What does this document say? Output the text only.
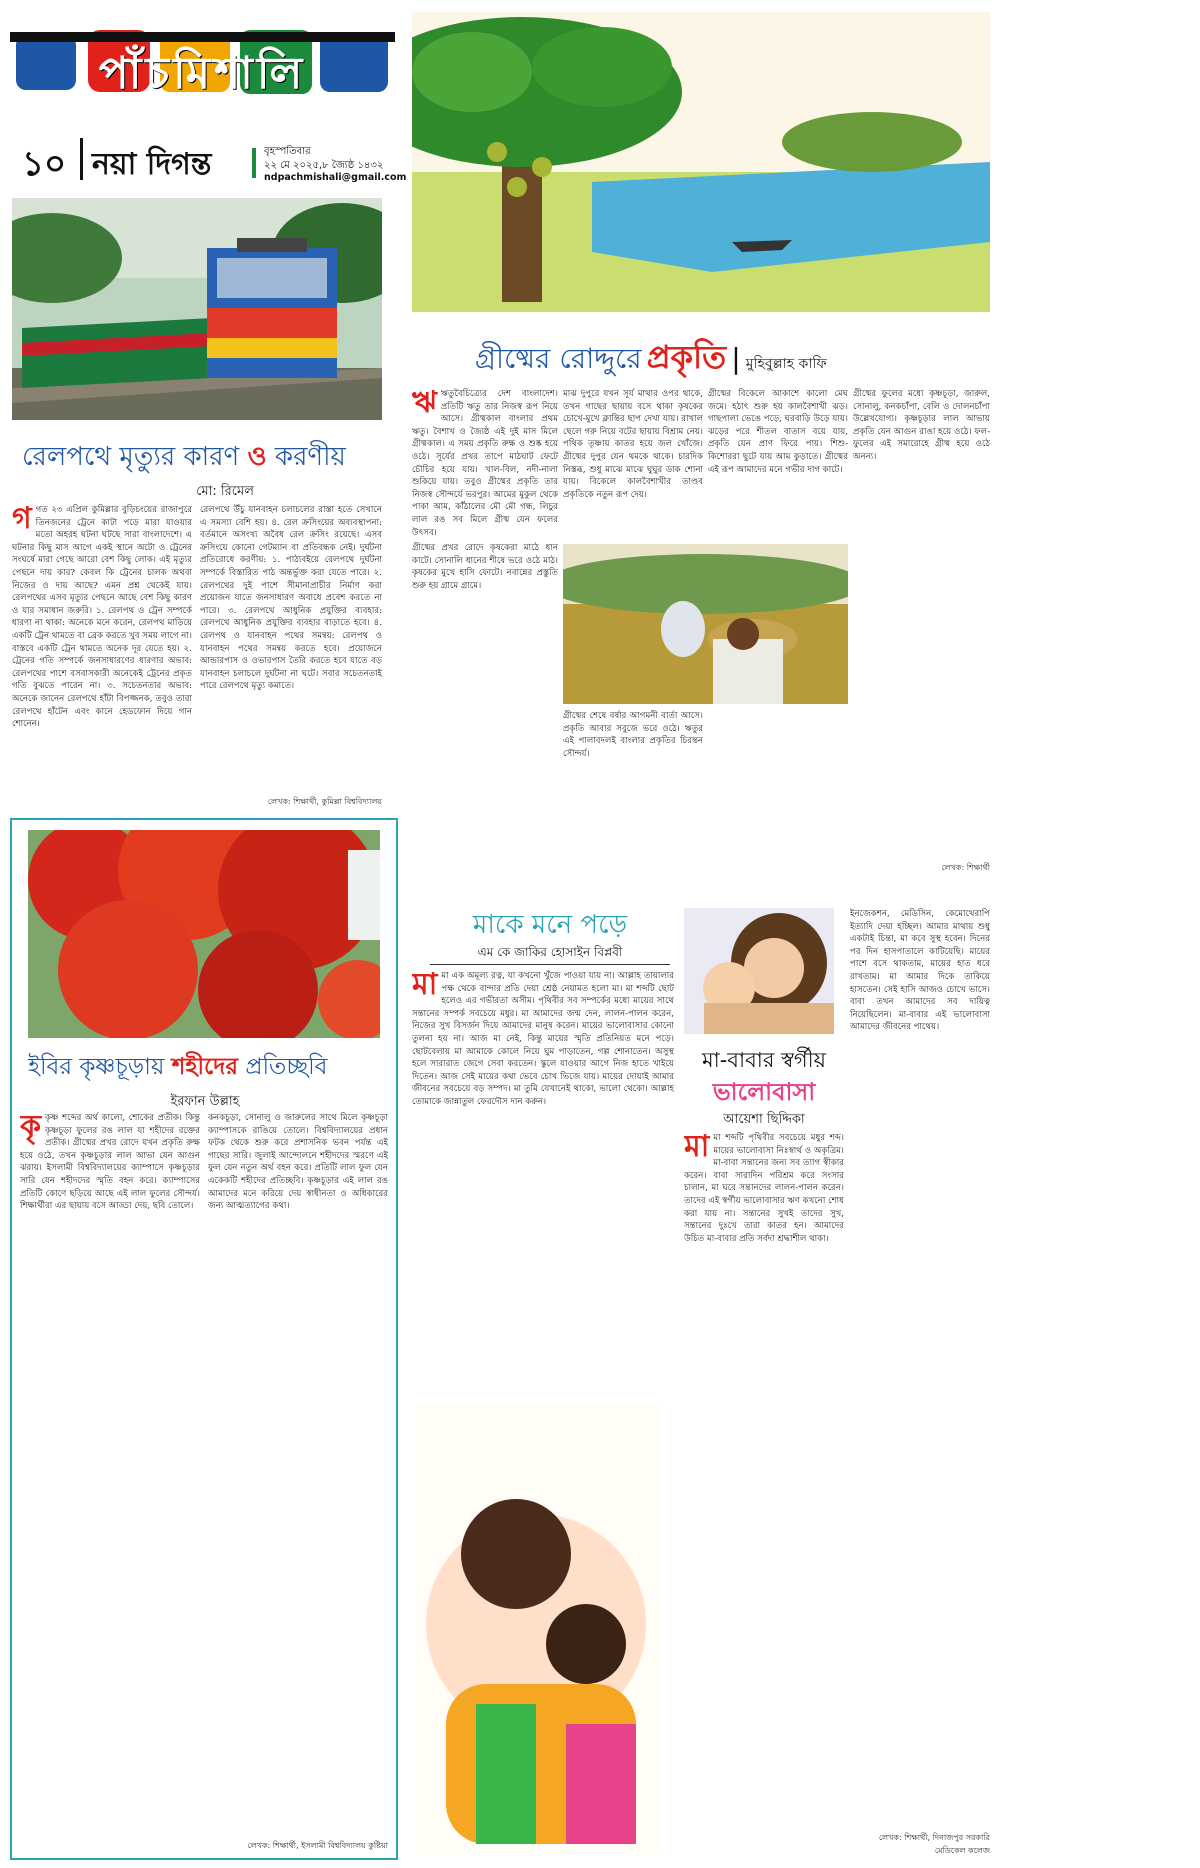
পাঁচমিশালি
১০ নয়া দিগন্ত	বৃহস্পতিবার
২২ মে ২০২৫,৮ জ্যৈষ্ঠ ১৪৩২
ndpachmishali@gmail.com
রেলপথে মৃত্যুর কারণ ও করণীয়
মো: রিমেল

গগত ২৩ এপ্রিল কুমিল্লার বুড়িচংয়ের রাজাপুরে তিনজনের ট্রেনে কাটা পড়ে মারা যাওয়ার মতো অহরহ ঘটনা ঘটছে সারা বাংলাদেশে। এ ঘটনার কিছু মাস আগে একই স্থানে অটো ও ট্রেনের সংঘর্ষে মারা গেছে আরো বেশ কিছু লোক। এই মৃত্যুর পেছনে দায় কার? কেবল কি ট্রেনের চালক অথবা নিজের ও দায় আছে? এমন প্রশ্ন থেকেই যায়। রেলপথের এসব মৃত্যুর পেছনে আছে বেশ কিছু কারণ ও যার সমাধান জরুরি। ১. রেলপথ ও ট্রেন সম্পর্কে ধারণা না থাকা: অনেকে মনে করেন, রেলপথ মাড়িয়ে একটি ট্রেন থামতে বা ব্রেক করতে খুব সময় লাগে না। বাস্তবে একটি ট্রেন থামতে অনেক দূর যেতে হয়। ২. ট্রেনের গতি সম্পর্কে জনসাধারণের ধারণার অভাব: রেলপথের পাশে বসবাসকারী অনেকেই ট্রেনের প্রকৃত গতি বুঝতে পারেন না। ৩. সচেতনতার অভাব: অনেকে জানেন রেলপথে হাঁটা বিপজ্জনক, তবুও তারা রেলপথে হাঁটেন এবং কানে হেডফোন দিয়ে গান শোনেন।

রেলপথে উঁচু যানবাহন চলাচলের রাস্তা হতে সেখানে এ সমস্যা বেশি হয়। ৪. রেল ক্রসিংয়ের অব্যবস্থাপনা: বর্তমানে অসংখ্য অবৈধ রেল ক্রসিং রয়েছে। এসব ক্রসিংয়ে কোনো গেটম্যান বা প্রতিবন্ধক নেই। দুর্ঘটনা প্রতিরোধে করণীয়: ১. পাঠ্যবইয়ে রেলপথে দুর্ঘটনা সম্পর্কে বিস্তারিত পাঠ অন্তর্ভুক্ত করা যেতে পারে। ২. রেলপথের দুই পাশে সীমানাপ্রাচীর নির্মাণ করা প্রয়োজন যাতে জনসাধারণ অবাধে প্রবেশ করতে না পারে। ৩. রেলপথে আধুনিক প্রযুক্তির ব্যবহার: রেলপথে আধুনিক প্রযুক্তির ব্যবহার বাড়াতে হবে। ৪. রেলপথ ও যানবাহন পথের সমন্বয়: রেলপথ ও যানবাহন পথের সমন্বয় করতে হবে। প্রয়োজনে আন্ডারপাস ও ওভারপাস তৈরি করতে হবে যাতে বড় যানবাহন চলাচলে দুর্ঘটনা না ঘটে। সবার সচেতনতাই পারে রেলপথে মৃত্যু কমাতে।

লেখক: শিক্ষার্থী, কুমিল্লা বিশ্ববিদ্যালয়
গ্রীষ্মের রোদ্দুরে প্রকৃতি | মুহিবুল্লাহ কাফি

ঋঋতুবৈচিত্র্যের দেশ বাংলাদেশ। প্রতিটি ঋতু তার নিজস্ব রূপ নিয়ে আসে। গ্রীষ্মকাল বাংলার প্রথম ঋতু। বৈশাখ ও জ্যৈষ্ঠ এই দুই মাস মিলে গ্রীষ্মকাল। এ সময় প্রকৃতি রুক্ষ ও শুষ্ক হয়ে ওঠে। সূর্যের প্রখর তাপে মাঠঘাট ফেটে চৌচির হয়ে যায়। খাল-বিল, নদী-নালা শুকিয়ে যায়। তবুও গ্রীষ্মের প্রকৃতি তার নিজস্ব সৌন্দর্যে ভরপুর। আমের মুকুল থেকে পাকা আম, কাঁঠালের মৌ মৌ গন্ধ, লিচুর লাল রঙ সব মিলে গ্রীষ্ম যেন ফলের উৎসব।

মাঝ দুপুরে যখন সূর্য মাথার ওপর থাকে, তখন গাছের ছায়ায় বসে থাকা কৃষকের চোখে-মুখে ক্লান্তির ছাপ দেখা যায়। রাখাল ছেলে গরু নিয়ে বটের ছায়ায় বিশ্রাম নেয়। পথিক তৃষ্ণায় কাতর হয়ে জল খোঁজে। গ্রীষ্মের দুপুর যেন থমকে থাকে। চারদিক নিস্তব্ধ, শুধু মাঝে মাঝে ঘুঘুর ডাক শোনা যায়। বিকেলে কালবৈশাখীর তাণ্ডব প্রকৃতিকে নতুন রূপ দেয়।

গ্রীষ্মের বিকেলে আকাশে কালো মেঘ জমে। হঠাৎ শুরু হয় কালবৈশাখী ঝড়। গাছপালা ভেঙে পড়ে, ঘরবাড়ি উড়ে যায়। ঝড়ের পরে শীতল বাতাস বয়ে যায়, প্রকৃতি যেন প্রাণ ফিরে পায়। শিশু-কিশোররা ছুটে যায় আম কুড়াতে। গ্রীষ্মের এই রূপ আমাদের মনে গভীর দাগ কাটে।

গ্রীষ্মের ফুলের মধ্যে কৃষ্ণচূড়া, জারুল, সোনালু, কনকচাঁপা, বেলি ও দোলনচাঁপা উল্লেখযোগ্য। কৃষ্ণচূড়ার লাল আভায় প্রকৃতি যেন আগুন রাঙা হয়ে ওঠে। ফল-ফুলের এই সমারোহে গ্রীষ্ম হয়ে ওঠে অনন্য।

গ্রীষ্মের প্রখর রোদে কৃষকেরা মাঠে ধান কাটে। সোনালি ধানের শীষে ভরে ওঠে মাঠ। কৃষকের মুখে হাসি ফোটে। নবান্নের প্রস্তুতি শুরু হয় গ্রামে গ্রামে।

গ্রীষ্মের শেষে বর্ষার আগমনী বার্তা আসে। প্রকৃতি আবার সবুজে ভরে ওঠে। ঋতুর এই পালাবদলই বাংলার প্রকৃতির চিরন্তন সৌন্দর্য।

লেখক: শিক্ষার্থী
ইবির কৃষ্ণচূড়ায় শহীদের প্রতিচ্ছবি
ইরফান উল্লাহ

কৃকৃষ্ণ শব্দের অর্থ কালো, শোকের প্রতীক। কিন্তু কৃষ্ণচূড়া ফুলের রঙ লাল যা শহীদের রক্তের প্রতীক। গ্রীষ্মের প্রখর রোদে যখন প্রকৃতি রুক্ষ হয়ে ওঠে, তখন কৃষ্ণচূড়ার লাল আভা যেন আগুন ঝরায়। ইসলামী বিশ্ববিদ্যালয়ের ক্যাম্পাসে কৃষ্ণচূড়ার সারি যেন শহীদদের স্মৃতি বহন করে। ক্যাম্পাসের প্রতিটি কোণে ছড়িয়ে আছে এই লাল ফুলের সৌন্দর্য। শিক্ষার্থীরা এর ছায়ায় বসে আড্ডা দেয়, ছবি তোলে।

কনকচূড়া, সোনালু ও জারুলের সাথে মিলে কৃষ্ণচূড়া ক্যাম্পাসকে রাঙিয়ে তোলে। বিশ্ববিদ্যালয়ের প্রধান ফটক থেকে শুরু করে প্রশাসনিক ভবন পর্যন্ত এই গাছের সারি। জুলাই আন্দোলনে শহীদদের স্মরণে এই ফুল যেন নতুন অর্থ বহন করে। প্রতিটি লাল ফুল যেন একেকটি শহীদের প্রতিচ্ছবি। কৃষ্ণচূড়ার এই লাল রঙ আমাদের মনে করিয়ে দেয় স্বাধীনতা ও অধিকারের জন্য আত্মত্যাগের কথা।

লেখক: শিক্ষার্থী, ইসলামী বিশ্ববিদ্যালয় কুষ্টিয়া
মাকে মনে পড়ে
এম কে জাকির হোসাইন বিপ্লবী

মামা এক অমূল্য রত্ন, যা কখনো খুঁজে পাওয়া যায় না। আল্লাহ তায়ালার পক্ষ থেকে বান্দার প্রতি দেয়া শ্রেষ্ঠ নেয়ামত হলো মা। মা শব্দটি ছোট হলেও এর গভীরতা অসীম। পৃথিবীর সব সম্পর্কের মধ্যে মায়ের সাথে সন্তানের সম্পর্ক সবচেয়ে মধুর। মা আমাদের জন্ম দেন, লালন-পালন করেন, নিজের সুখ বিসর্জন দিয়ে আমাদের মানুষ করেন। মায়ের ভালোবাসার কোনো তুলনা হয় না। আজ মা নেই, কিন্তু মায়ের স্মৃতি প্রতিনিয়ত মনে পড়ে। ছোটবেলায় মা আমাকে কোলে নিয়ে ঘুম পাড়াতেন, গল্প শোনাতেন। অসুস্থ হলে সারারাত জেগে সেবা করতেন। স্কুলে যাওয়ার আগে নিজ হাতে খাইয়ে দিতেন। আজ সেই মায়ের কথা ভেবে চোখ ভিজে যায়। মায়ের দোয়াই আমার জীবনের সবচেয়ে বড় সম্পদ। মা তুমি যেখানেই থাকো, ভালো থেকো। আল্লাহ তোমাকে জান্নাতুল ফেরদৌস দান করুন।

মা-বাবার স্বর্গীয়
ভালোবাসা
আয়েশা ছিদ্দিকা

মামা শব্দটি পৃথিবীর সবচেয়ে মধুর শব্দ। মায়ের ভালোবাসা নিঃস্বার্থ ও অকৃত্রিম। মা-বাবা সন্তানের জন্য সব ত্যাগ স্বীকার করেন। বাবা সারাদিন পরিশ্রম করে সংসার চালান, মা ঘরে সন্তানদের লালন-পালন করেন। তাদের এই স্বর্গীয় ভালোবাসার ঋণ কখনো শোধ করা যায় না। সন্তানের সুখই তাদের সুখ, সন্তানের দুঃখে তারা কাতর হন। আমাদের উচিত মা-বাবার প্রতি সর্বদা শ্রদ্ধাশীল থাকা।

ইনজেকশন, মেডিসিন, কেমোথেরাপি ইত্যাদি দেয়া হচ্ছিল। আমার মাথায় শুধু একটাই চিন্তা, মা কবে সুস্থ হবেন। দিনের পর দিন হাসপাতালে কাটিয়েছি। মায়ের পাশে বসে থাকতাম, মায়ের হাত ধরে রাখতাম। মা আমার দিকে তাকিয়ে হাসতেন। সেই হাসি আজও চোখে ভাসে। বাবা তখন আমাদের সব দায়িত্ব নিয়েছিলেন। মা-বাবার এই ভালোবাসা আমাদের জীবনের পাথেয়।

লেখক: শিক্ষার্থী, দিনাজপুর সরকারি মেডিকেল কলেজ
